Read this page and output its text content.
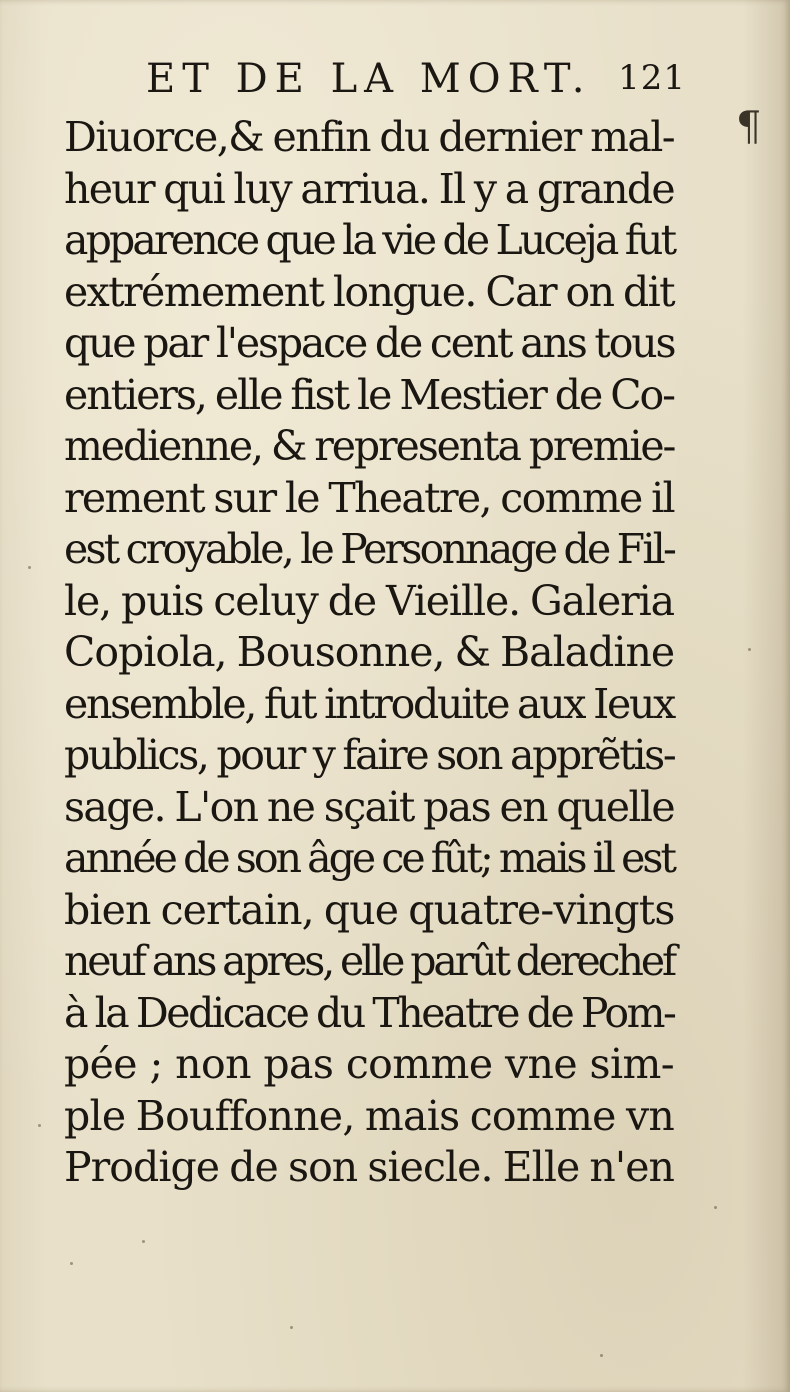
ET DE LA MORT. 121
¶
Diuorce,& enfin du dernier mal-
heur qui luy arriua. Il y a grande
apparence que la vie de Luceja fut
extrémement longue. Car on dit
que par l'espace de cent ans tous
entiers, elle fist le Mestier de Co-
medienne, & representa premie-
rement sur le Theatre, comme il
est croyable, le Personnage de Fil-
le, puis celuy de Vieille. Galeria
Copiola, Bousonne, & Baladine
ensemble, fut introduite aux Ieux
publics, pour y faire son apprẽtis-
sage. L'on ne sçait pas en quelle
année de son âge ce fût; mais il est
bien certain, que quatre-vingts
neuf ans apres, elle parût derechef
à la Dedicace du Theatre de Pom-
pée ; non pas comme vne sim-
ple Bouffonne, mais comme vn
Prodige de son siecle. Elle n'en
